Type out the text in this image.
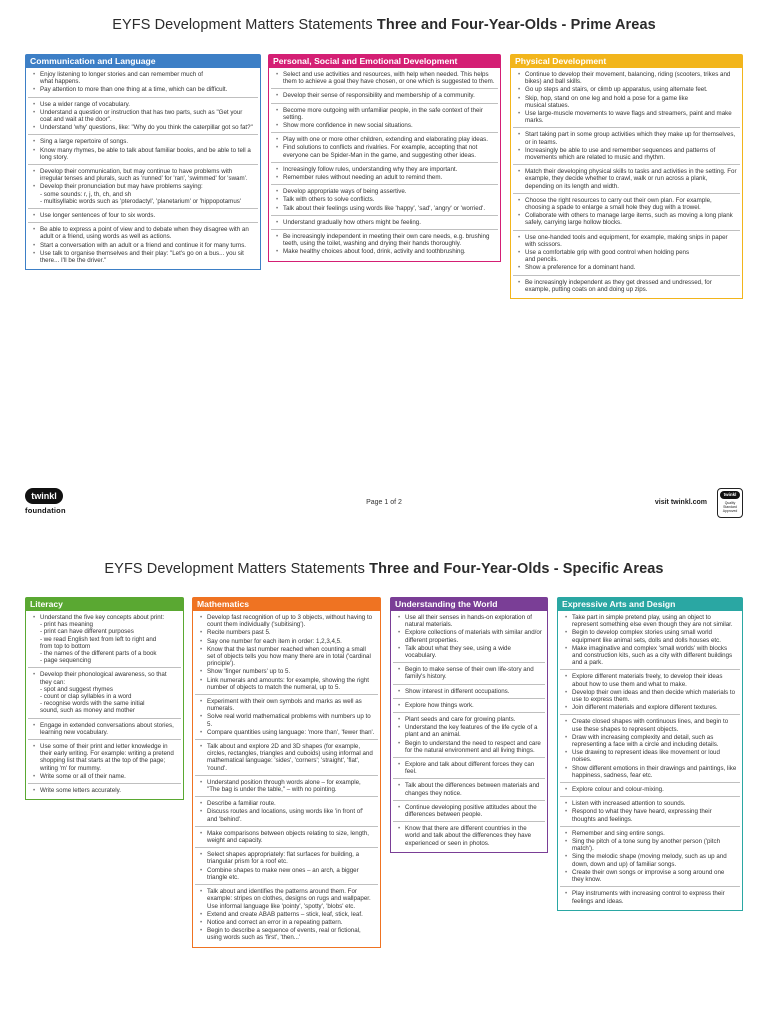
EYFS Development Matters Statements Three and Four-Year-Olds - Prime Areas
Communication and Language
• Enjoy listening to longer stories and can remember much of
what happens.
• Pay attention to more than one thing at a time, which can be difficult.
• Use a wider range of vocabulary.
• Understand a question or instruction that has two parts, such as "Get your coat and wait at the door".
• Understand 'why' questions, like: "Why do you think the caterpillar got so fat?"
• Sing a large repertoire of songs.
• Know many rhymes, be able to talk about familiar books, and be able to tell a long story.
• Develop their communication, but may continue to have problems with irregular tenses and plurals, such as 'runned' for 'ran', 'swimmed' for 'swam'.
• Develop their pronunciation but may have problems saying:
- some sounds: r, j, th, ch, and sh
- multisyllabic words such as 'pterodactyl', 'planetarium' or 'hippopotamus'
• Use longer sentences of four to six words.
• Be able to express a point of view and to debate when they disagree with an adult or a friend, using words as well as actions.
• Start a conversation with an adult or a friend and continue it for many turns.
• Use talk to organise themselves and their play: "Let's go on a bus... you sit there... I'll be the driver."
Personal, Social and Emotional Development
• Select and use activities and resources, with help when needed. This helps them to achieve a goal they have chosen, or one which is suggested to them.
• Develop their sense of responsibility and membership of a community.
• Become more outgoing with unfamiliar people, in the safe context of their setting.
• Show more confidence in new social situations.
• Play with one or more other children, extending and elaborating play ideas.
• Find solutions to conflicts and rivalries. For example, accepting that not everyone can be Spider-Man in the game, and suggesting other ideas.
• Increasingly follow rules, understanding why they are important.
• Remember rules without needing an adult to remind them.
• Develop appropriate ways of being assertive.
• Talk with others to solve conflicts.
• Talk about their feelings using words like 'happy', 'sad', 'angry' or 'worried'.
• Understand gradually how others might be feeling.
• Be increasingly independent in meeting their own care needs, e.g. brushing teeth, using the toilet, washing and drying their hands thoroughly.
• Make healthy choices about food, drink, activity and toothbrushing.
Physical Development
• Continue to develop their movement, balancing, riding (scooters, trikes and bikes) and ball skills.
• Go up steps and stairs, or climb up apparatus, using alternate feet.
• Skip, hop, stand on one leg and hold a pose for a game like
musical statues.
• Use large-muscle movements to wave flags and streamers, paint and make marks.
• Start taking part in some group activities which they make up for themselves, or in teams.
• Increasingly be able to use and remember sequences and patterns of movements which are related to music and rhythm.
• Match their developing physical skills to tasks and activities in the setting. For example, they decide whether to crawl, walk or run across a plank, depending on its length and width.
• Choose the right resources to carry out their own plan. For example, choosing a spade to enlarge a small hole they dug with a trowel.
• Collaborate with others to manage large items, such as moving a long plank safely, carrying large hollow blocks.
• Use one-handed tools and equipment, for example, making snips in paper with scissors.
• Use a comfortable grip with good control when holding pens
and pencils.
• Show a preference for a dominant hand.
• Be increasingly independent as they get dressed and undressed, for example, putting coats on and doing up zips.
twinkl
foundation
Page 1 of 2	visit twinkl.com
twinkl
Quality Standard Approved
EYFS Development Matters Statements Three and Four-Year-Olds - Specific Areas
Literacy
• Understand the five key concepts about print:
- print has meaning
- print can have different purposes
- we read English text from left to right and
from top to bottom
- the names of the different parts of a book
- page sequencing
• Develop their phonological awareness, so that they can:
- spot and suggest rhymes
- count or clap syllables in a word
- recognise words with the same initial
sound, such as money and mother
• Engage in extended conversations about stories, learning new vocabulary.
• Use some of their print and letter knowledge in their early writing. For example: writing a pretend shopping list that starts at the top of the page; writing 'm' for mummy.
• Write some or all of their name.
• Write some letters accurately.
Mathematics
• Develop fast recognition of up to 3 objects, without having to count them individually ('subitising').
• Recite numbers past 5.
• Say one number for each item in order: 1,2,3,4,5.
• Know that the last number reached when counting a small set of objects tells you how many there are in total ('cardinal principle').
• Show 'finger numbers' up to 5.
• Link numerals and amounts: for example, showing the right number of objects to match the numeral, up to 5.
• Experiment with their own symbols and marks as well as numerals.
• Solve real world mathematical problems with numbers up to 5.
• Compare quantities using language: 'more than', 'fewer than'.
• Talk about and explore 2D and 3D shapes (for example, circles, rectangles, triangles and cuboids) using informal and mathematical language: 'sides', 'corners'; 'straight', 'flat', 'round'.
• Understand position through words alone – for example, "The bag is under the table," – with no pointing.
• Describe a familiar route.
• Discuss routes and locations, using words like 'in front of' and 'behind'.
• Make comparisons between objects relating to size, length, weight and capacity.
• Select shapes appropriately: flat surfaces for building, a triangular prism for a roof etc.
• Combine shapes to make new ones – an arch, a bigger triangle etc.
• Talk about and identifies the patterns around them. For example: stripes on clothes, designs on rugs and wallpaper. Use informal language like 'pointy', 'spotty', 'blobs' etc.
• Extend and create ABAB patterns – stick, leaf, stick, leaf.
• Notice and correct an error in a repeating pattern.
• Begin to describe a sequence of events, real or fictional, using words such as 'first', 'then...'
Understanding the World
• Use all their senses in hands-on exploration of natural materials.
• Explore collections of materials with similar and/or different properties.
• Talk about what they see, using a wide vocabulary.
• Begin to make sense of their own life-story and family's history.
• Show interest in different occupations.
• Explore how things work.
• Plant seeds and care for growing plants.
• Understand the key features of the life cycle of a plant and an animal.
• Begin to understand the need to respect and care for the natural environment and all living things.
• Explore and talk about different forces they can feel.
• Talk about the differences between materials and changes they notice.
• Continue developing positive attitudes about the differences between people.
• Know that there are different countries in the world and talk about the differences they have experienced or seen in photos.
Expressive Arts and Design
• Take part in simple pretend play, using an object to represent something else even though they are not similar.
• Begin to develop complex stories using small world equipment like animal sets, dolls and dolls houses etc.
• Make imaginative and complex 'small worlds' with blocks and construction kits, such as a city with different buildings and a park.
• Explore different materials freely, to develop their ideas about how to use them and what to make.
• Develop their own ideas and then decide which materials to use to express them.
• Join different materials and explore different textures.
• Create closed shapes with continuous lines, and begin to use these shapes to represent objects.
• Draw with increasing complexity and detail, such as representing a face with a circle and including details.
• Use drawing to represent ideas like movement or loud noises.
• Show different emotions in their drawings and paintings, like happiness, sadness, fear etc.
• Explore colour and colour-mixing.
• Listen with increased attention to sounds.
• Respond to what they have heard, expressing their thoughts and feelings.
• Remember and sing entire songs.
• Sing the pitch of a tone sung by another person ('pitch match').
• Sing the melodic shape (moving melody, such as up and down, down and up) of familiar songs.
• Create their own songs or improvise a song around one they know.
• Play instruments with increasing control to express their feelings and ideas.
